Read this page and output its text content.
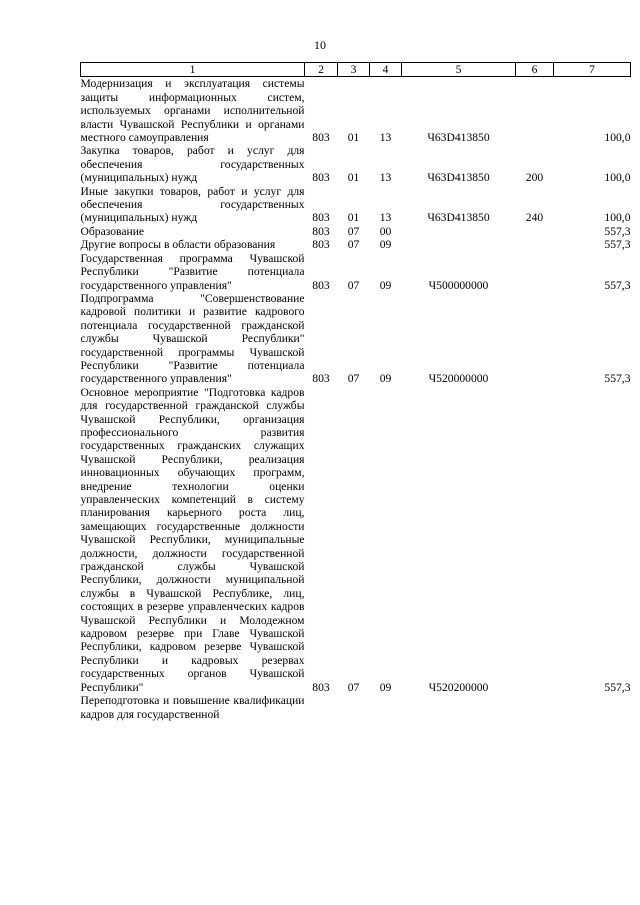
10
1	2	3	4	5	6	7
Модернизация и эксплуатация системы защиты информационных систем, используемых органами исполнительной власти Чувашской Республики и органами местного самоуправления	803	01	13	Ч63D413850		100,0
Закупка товаров, работ и услуг для обеспечения государственных (муниципальных) нужд	803	01	13	Ч63D413850	200	100,0
Иные закупки товаров, работ и услуг для обеспечения государственных (муниципальных) нужд	803	01	13	Ч63D413850	240	100,0
Образование	803	07	00			557,3
Другие вопросы в области образования	803	07	09			557,3
Государственная программа Чувашской Республики "Развитие потенциала государственного управления"	803	07	09	Ч500000000		557,3
Подпрограмма "Совершенствование кадровой политики и развитие кадрового потенциала государственной гражданской службы Чувашской Республики" государственной программы Чувашской Республики "Развитие потенциала государственного управления"	803	07	09	Ч520000000		557,3
Основное мероприятие "Подготовка кадров для государственной гражданской службы Чувашской Республики, организация профессионального развития государственных гражданских служащих Чувашской Республики, реализация инновационных обучающих программ, внедрение технологии оценки управленческих компетенций в систему планирования карьерного роста лиц, замещающих государственные должности Чувашской Республики, муниципальные должности, должности государственной гражданской службы Чувашской Республики, должности муниципальной службы в Чувашской Республике, лиц, состоящих в резерве управленческих кадров Чувашской Республики и Молодежном кадровом резерве при Главе Чувашской Республики, кадровом резерве Чувашской Республики и кадровых резервах государственных органов Чувашской Республики"	803	07	09	Ч520200000		557,3
Переподготовка и повышение квалификации кадров для государственной						
